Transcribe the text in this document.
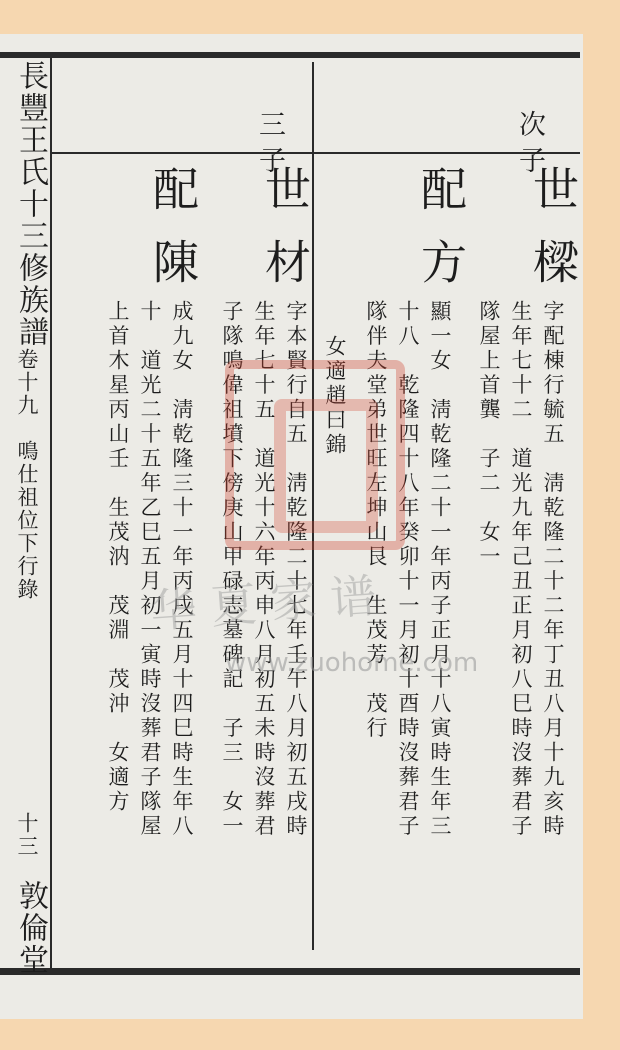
長豐王氏十三修族譜
卷十九
鳴仕祖位下行錄
十三
敦倫堂
次子
世
樑
配
方
字配棟行毓五　淸乾隆二十二年丁丑八月十九亥時
生年七十二　道光九年己丑正月初八巳時沒葬君子
隊屋上首龔　子二　女一
顯一女　淸乾隆二十一年丙子正月十八寅時生年三
十八　乾隆四十八年癸卯十一月初十酉時沒葬君子
隊伴夫堂弟世旺左坤山艮　生茂芳　茂行
三子
世
材
配
陳
女適趙曰錦
字本賢行自五　淸乾隆二十七年壬午八月初五戌時
生年七十五　道光十六年丙申八月初五未時沒葬君
子隊鳴偉祖墳下傍庚山甲碌志墓碑記　子三　女一
成九女　淸乾隆三十一年丙戌五月十四巳時生年八
十　道光二十五年乙巳五月初一寅時沒葬君子隊屋
上首木星丙山壬　生茂汭　茂淵　茂沖　女適方 华夏家谱
www.zuohome.com
